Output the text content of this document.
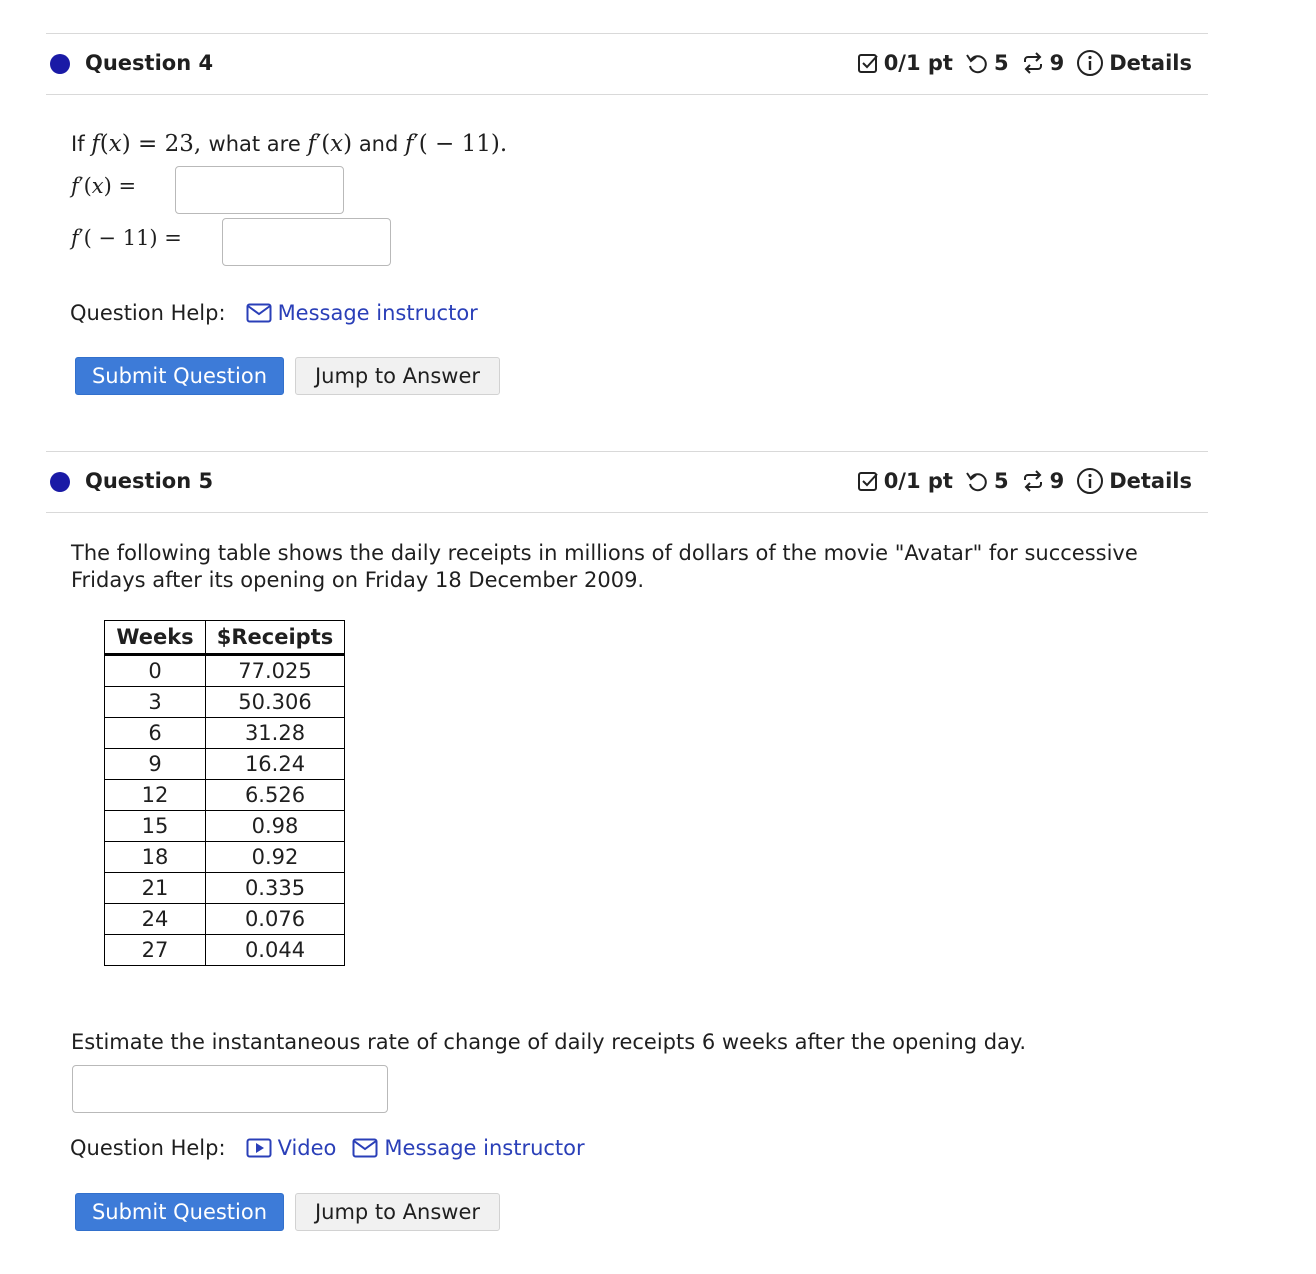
Question 4	0/1 pt 5 9 Details
If f(x) = 23, what are f′(x) and f′( − 11).
f′(x) =
f′( − 11) =
Question Help: Message instructor
Submit Question	Jump to Answer
Question 5	0/1 pt 5 9 Details
The following table shows the daily receipts in millions of dollars of the movie "Avatar" for successive
Fridays after its opening on Friday 18 December 2009.
Weeks	$Receipts
0	77.025
3	50.306
6	31.28
9	16.24
12	6.526
15	0.98
18	0.92
21	0.335
24	0.076
27	0.044
Estimate the instantaneous rate of change of daily receipts 6 weeks after the opening day.
Question Help: Video Message instructor
Submit Question	Jump to Answer
